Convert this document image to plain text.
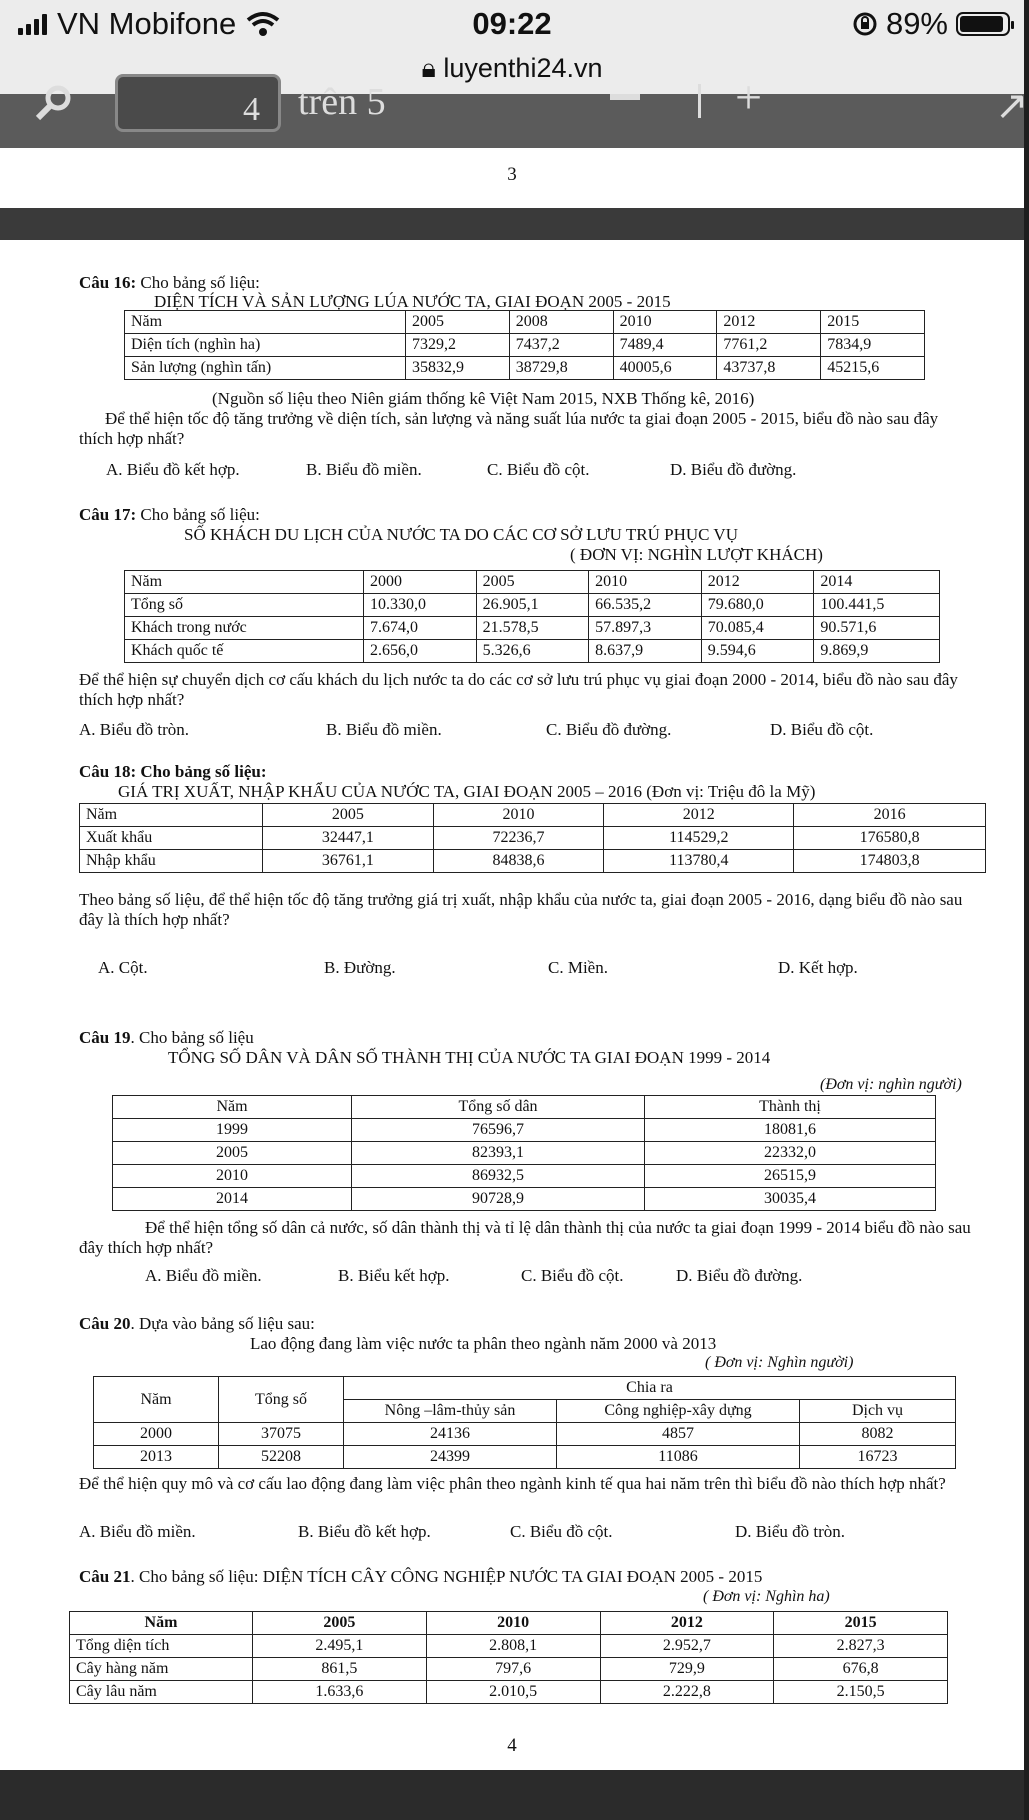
VN Mobifone	09:22	89%
🔒︎ luyenthi24.vn
4	trên 5	+	↗
3
Câu 16: Cho bảng số liệu:
DIỆN TÍCH VÀ SẢN LƯỢNG LÚA NƯỚC TA, GIAI ĐOẠN 2005 - 2015
Năm	2005	2008	2010	2012	2015
Diện tích (nghìn ha)	7329,2	7437,2	7489,4	7761,2	7834,9
Sản lượng (nghìn tấn)	35832,9	38729,8	40005,6	43737,8	45215,6
(Nguồn số liệu theo Niên giám thống kê Việt Nam 2015, NXB Thống kê, 2016)
Để thể hiện tốc độ tăng trưởng về diện tích, sản lượng và năng suất lúa nước ta giai đoạn 2005 - 2015, biểu đồ nào sau đây thích hợp nhất?
A. Biểu đồ kết hợp.	B. Biểu đồ miền.	C. Biểu đồ cột.	D. Biểu đồ đường.
Câu 17: Cho bảng số liệu:
SỐ KHÁCH DU LỊCH CỦA NƯỚC TA DO CÁC CƠ SỞ LƯU TRÚ PHỤC VỤ
( ĐƠN VỊ: NGHÌN LƯỢT KHÁCH)
Năm	2000	2005	2010	2012	2014
Tổng số	10.330,0	26.905,1	66.535,2	79.680,0	100.441,5
Khách trong nước	7.674,0	21.578,5	57.897,3	70.085,4	90.571,6
Khách quốc tế	2.656,0	5.326,6	8.637,9	9.594,6	9.869,9
Để thể hiện sự chuyển dịch cơ cấu khách du lịch nước ta do các cơ sở lưu trú phục vụ giai đoạn 2000 - 2014, biểu đồ nào sau đây thích hợp nhất?
A. Biểu đồ tròn.	B. Biểu đồ miền.	C. Biểu đồ đường.	D. Biểu đồ cột.
Câu 18: Cho bảng số liệu:
GIÁ TRỊ XUẤT, NHẬP KHẨU CỦA NƯỚC TA, GIAI ĐOẠN 2005 – 2016 (Đơn vị: Triệu đô la Mỹ)
Năm	2005	2010	2012	2016
Xuất khẩu	32447,1	72236,7	114529,2	176580,8
Nhập khẩu	36761,1	84838,6	113780,4	174803,8
Theo bảng số liệu, để thể hiện tốc độ tăng trưởng giá trị xuất, nhập khẩu của nước ta, giai đoạn 2005 - 2016, dạng biểu đồ nào sau đây là thích hợp nhất?
A. Cột.	B. Đường.	C. Miền.	D. Kết hợp.
Câu 19. Cho bảng số liệu
TỔNG SỐ DÂN VÀ DÂN SỐ THÀNH THỊ CỦA NƯỚC TA GIAI ĐOẠN 1999 - 2014
(Đơn vị: nghìn người)
Năm	Tổng số dân	Thành thị
1999	76596,7	18081,6
2005	82393,1	22332,0
2010	86932,5	26515,9
2014	90728,9	30035,4
Để thể hiện tổng số dân cả nước, số dân thành thị và tỉ lệ dân thành thị của nước ta giai đoạn 1999 - 2014 biểu đồ nào sau đây thích hợp nhất?
A. Biểu đồ miền.	B. Biểu kết hợp.	C. Biểu đồ cột.	D. Biểu đồ đường.
Câu 20. Dựa vào bảng số liệu sau:
Lao động đang làm việc nước ta phân theo ngành năm 2000 và 2013
( Đơn vị: Nghìn người)
Năm	Tổng số	Chia ra		
		Nông –lâm-thủy sản	Công nghiệp-xây dựng	Dịch vụ
2000	37075	24136	4857	8082
2013	52208	24399	11086	16723
Để thể hiện quy mô và cơ cấu lao động đang làm việc phân theo ngành kinh tế qua hai năm trên thì biểu đồ nào thích hợp nhất?
A. Biểu đồ miền.	B. Biểu đồ kết hợp.	C. Biểu đồ cột.	D. Biểu đồ tròn.
Câu 21. Cho bảng số liệu: DIỆN TÍCH CÂY CÔNG NGHIỆP NƯỚC TA GIAI ĐOẠN 2005 - 2015
( Đơn vị: Nghìn ha)
Năm	2005	2010	2012	2015
Tổng diện tích	2.495,1	2.808,1	2.952,7	2.827,3
Cây hàng năm	861,5	797,6	729,9	676,8
Cây lâu năm	1.633,6	2.010,5	2.222,8	2.150,5
4
